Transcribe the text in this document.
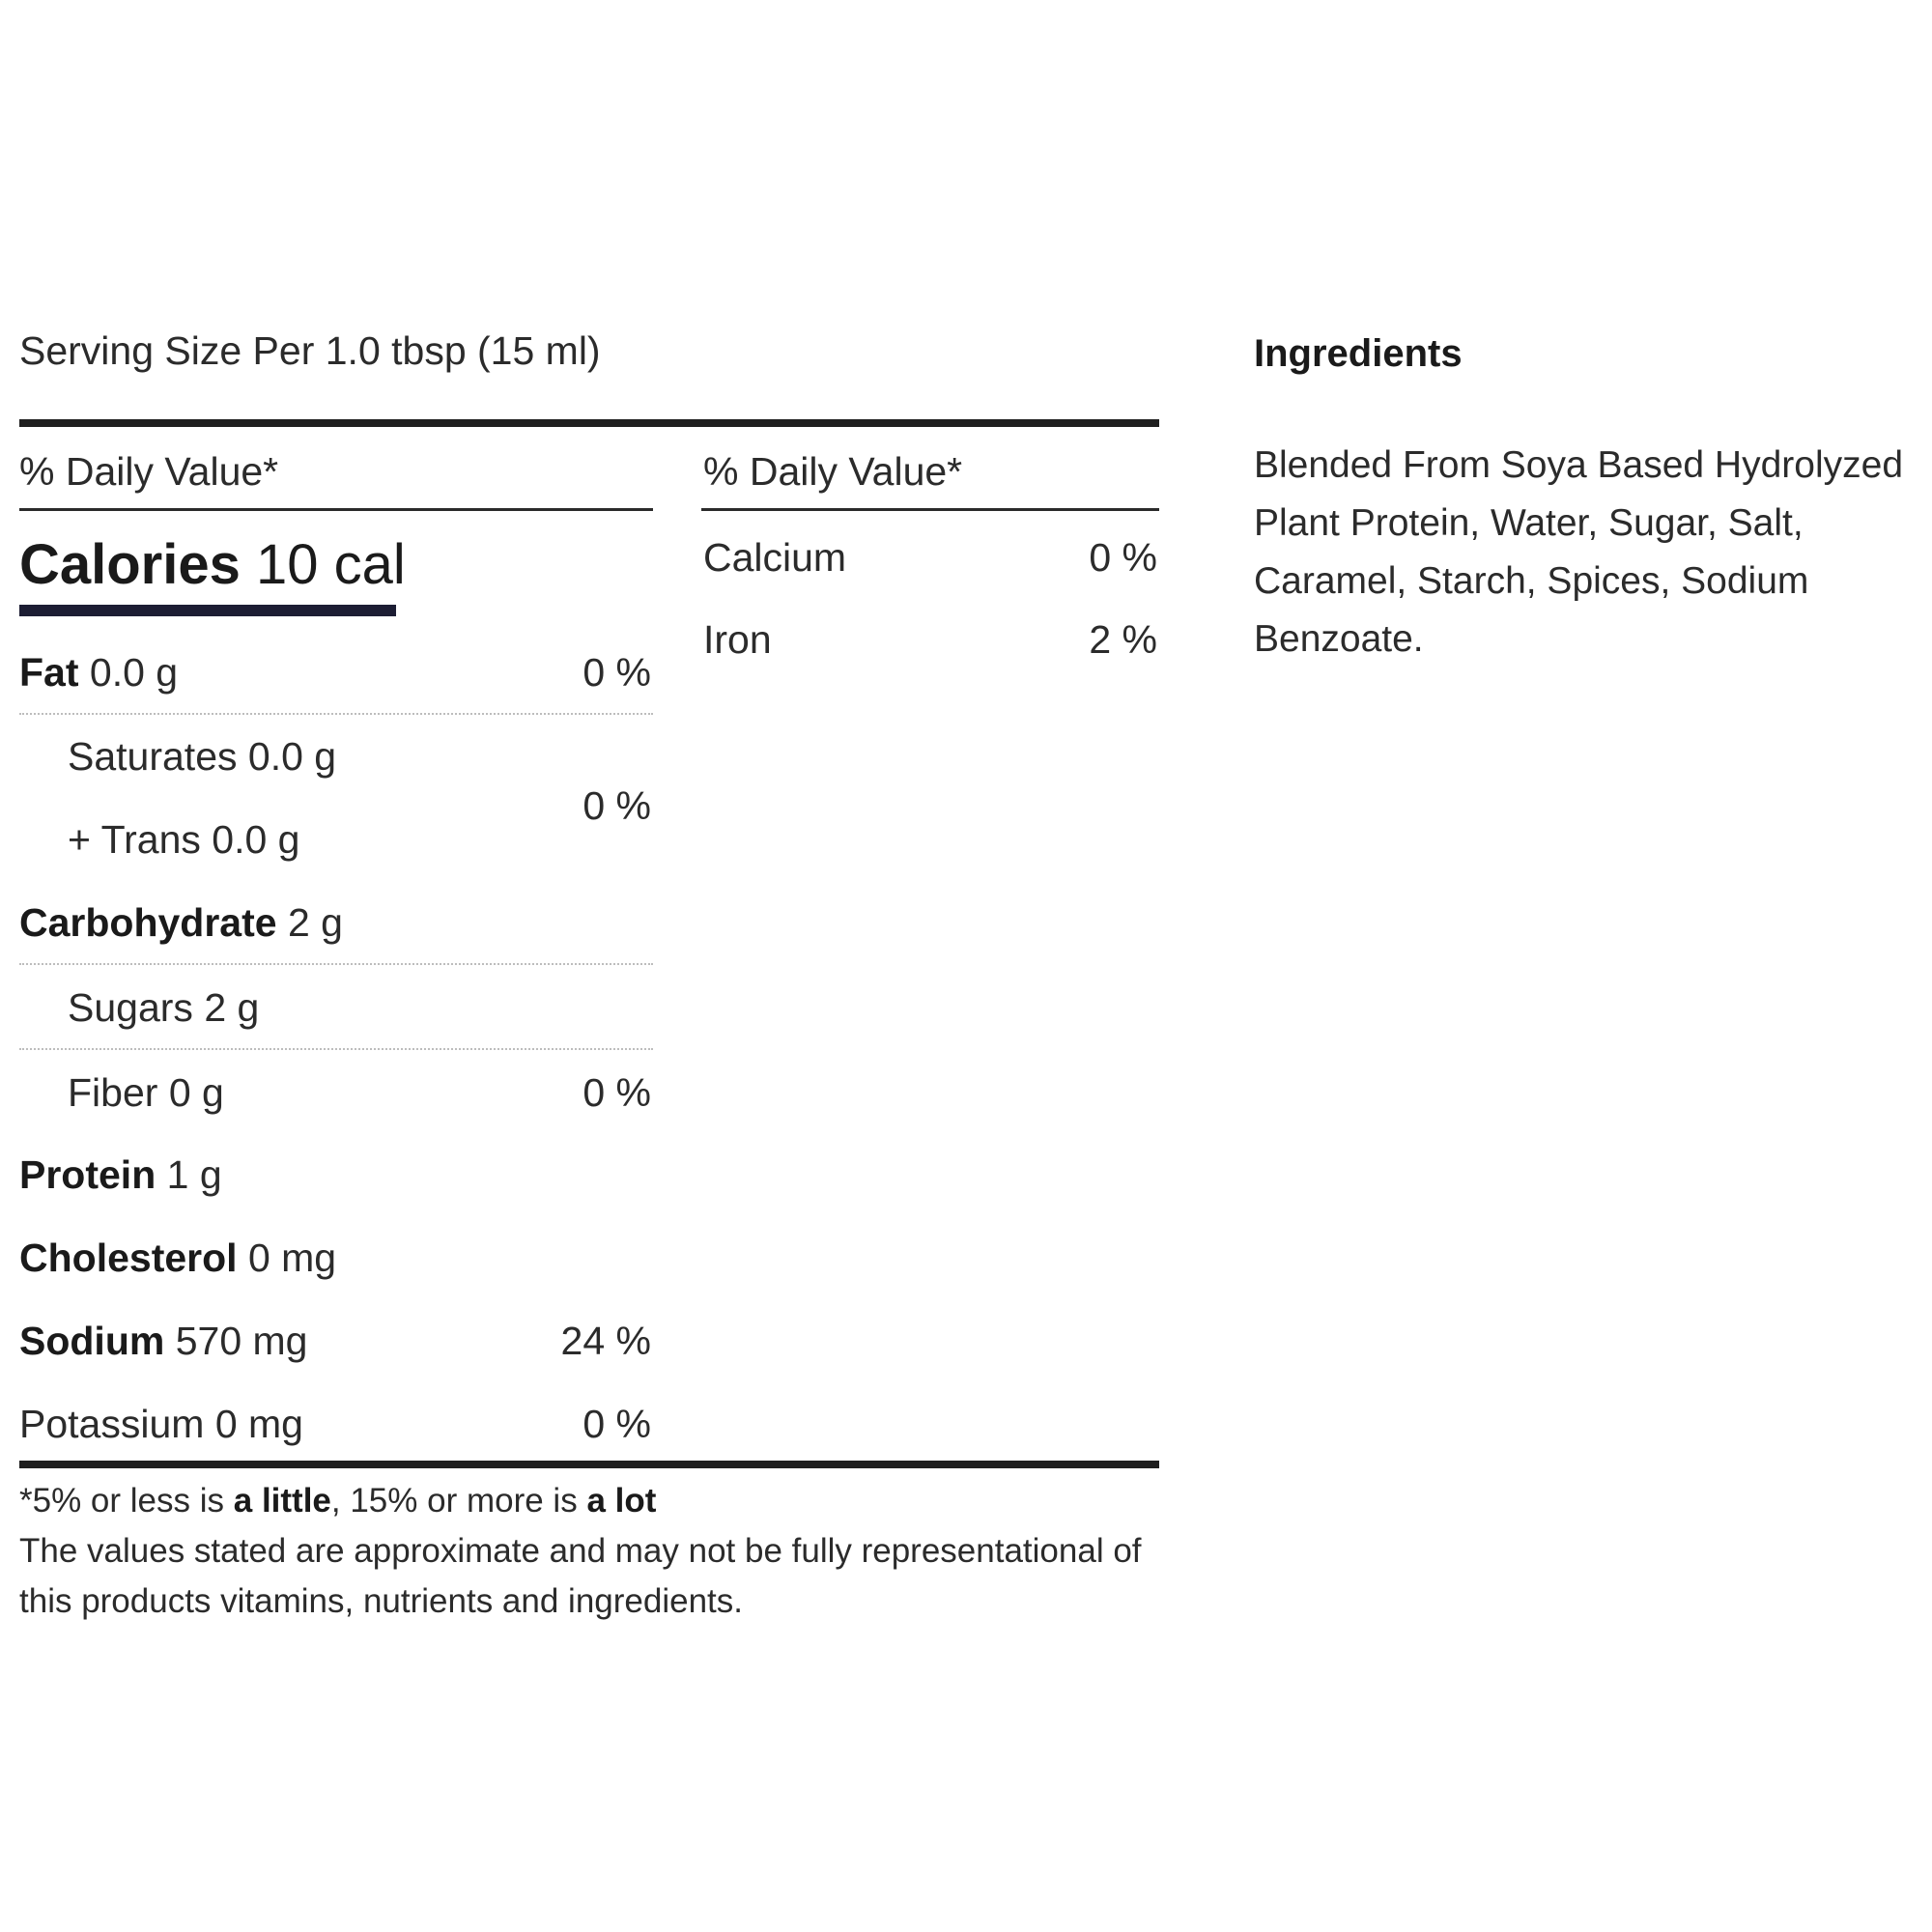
Serving Size Per 1.0 tbsp (15 ml)
% Daily Value*	% Daily Value*
Calories 10 cal
Fat 0.0 g	0 %
Saturates 0.0 g
+ Trans 0.0 g
0 %
Carbohydrate 2 g
Sugars 2 g
Fiber 0 g	0 %
Protein 1 g
Cholesterol 0 mg
Sodium 570 mg	24 %
Potassium 0 mg	0 %
Calcium	0 %
Iron	2 %
*5% or less is a little, 15% or more is a lot
The values stated are approximate and may not be fully representational of this products vitamins, nutrients and ingredients.
Ingredients
Blended From Soya Based Hydrolyzed Plant Protein, Water, Sugar, Salt, Caramel, Starch, Spices, Sodium Benzoate.
